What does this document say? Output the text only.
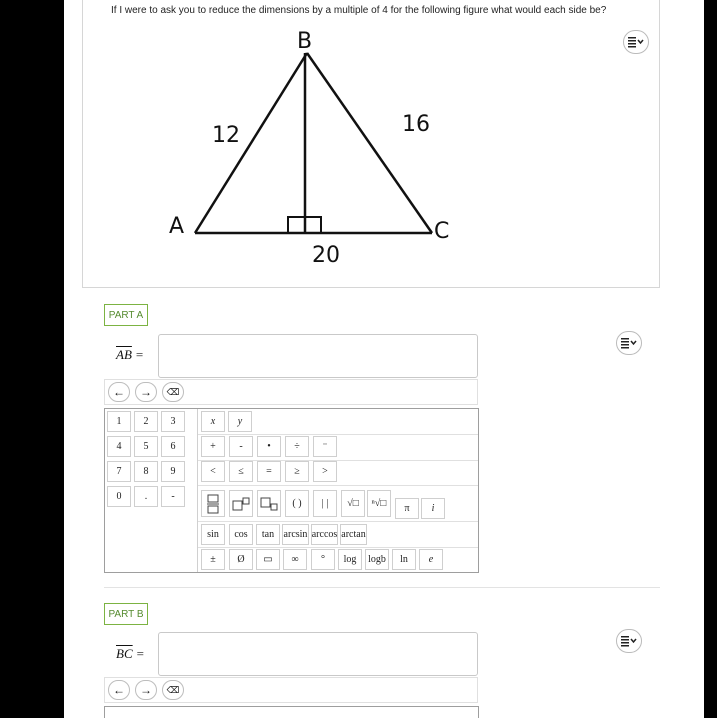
If I were to ask you to reduce the dimensions by a multiple of 4 for the following figure what would each side be?
B
A	C
12	16
20
PART A
$\overline{AB}$ =
←	→	⌫
1	2	3
4	5	6
7	8	9
0	.	-
x	y
+	-	•	÷	⁻
<	≤	=	≥	>
( )	| |	√□	ⁿ√□	π	i
sin	cos	tan arcsin arccos arctan
±	Ø	▭	∞	°	log	logb	ln	e
PART B
$\overline{BC}$ =
←	→	⌫
